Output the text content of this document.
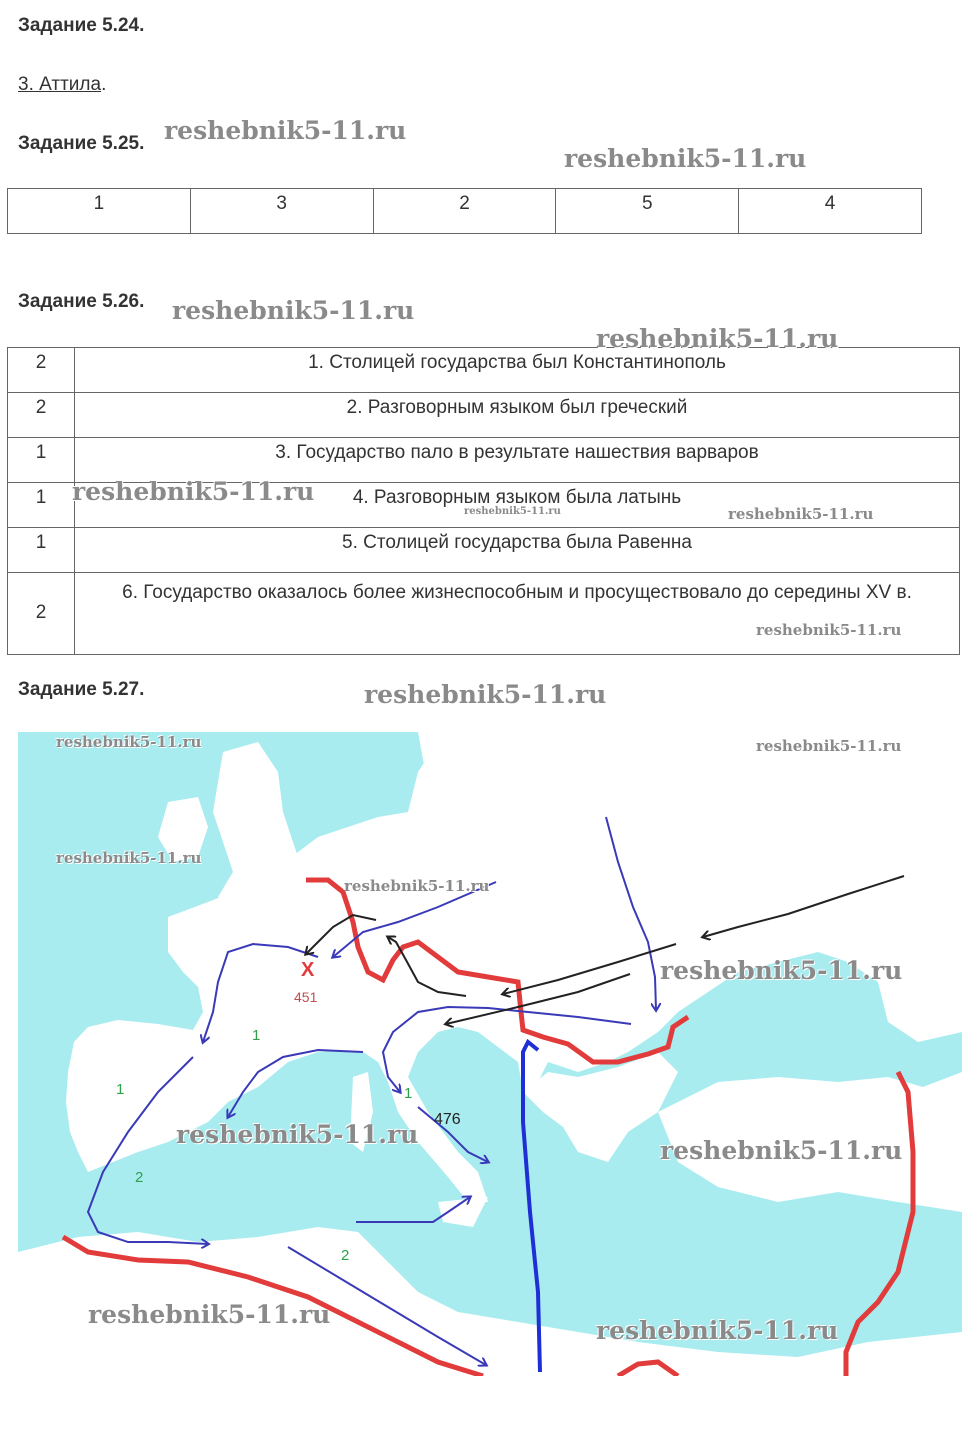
Задание 5.24.
3. Аттила.
Задание 5.25.
1	3	2	5	4
Задание 5.26.
2	1. Столицей государства был Константинополь
2	2. Разговорным языком был греческий
1	3. Государство пало в результате нашествия варваров
1	4. Разговорным языком была латынь
1	5. Столицей государства была Равенна
2	6. Государство оказалось более жизнеспособным и просуществовало до середины XV в.
Задание 5.27.
X
451
476
1
1	1
2
2
reshebnik5-11.ru
reshebnik5-11.ru
reshebnik5-11.ru
reshebnik5-11.ru
reshebnik5-11.ru
reshebnik5-11.ru
reshebnik5-11.ru
reshebnik5-11.ru
reshebnik5-11.ru
reshebnik5-11.ru	reshebnik5-11.ru
reshebnik5-11.ru
reshebnik5-11.ru
reshebnik5-11.ru
reshebnik5-11.ru
reshebnik5-11.ru
reshebnik5-11.ru
reshebnik5-11.ru
